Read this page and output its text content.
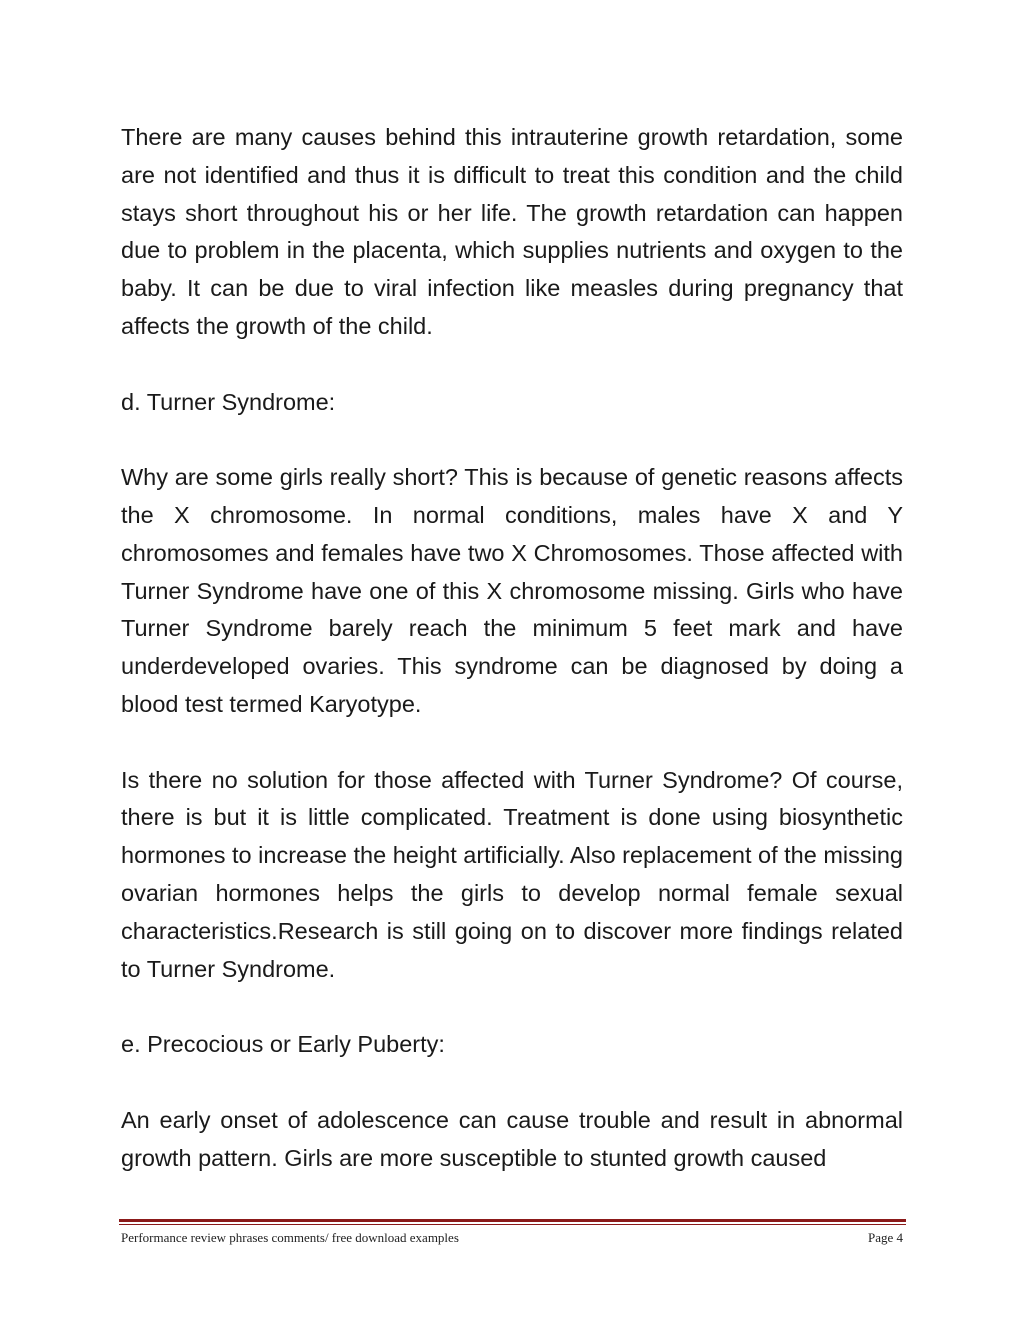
There are many causes behind this intrauterine growth retardation, some are not identified and thus it is difficult to treat this condition and the child stays short throughout his or her life. The growth retardation can happen due to problem in the placenta, which supplies nutrients and oxygen to the baby. It can be due to viral infection like measles during pregnancy that affects the growth of the child.

d. Turner Syndrome:

Why are some girls really short? This is because of genetic reasons affects the X chromosome. In normal conditions, males have X and Y chromosomes and females have two X Chromosomes. Those affected with Turner Syndrome have one of this X chromosome missing. Girls who have Turner Syndrome barely reach the minimum 5 feet mark and have underdeveloped ovaries. This syndrome can be diagnosed by doing a blood test termed Karyotype.

Is there no solution for those affected with Turner Syndrome? Of course, there is but it is little complicated. Treatment is done using biosynthetic hormones to increase the height artificially. Also replacement of the missing ovarian hormones helps the girls to develop normal female sexual characteristics.Research is still going on to discover more findings related to Turner Syndrome.

e. Precocious or Early Puberty:

An early onset of adolescence can cause trouble and result in abnormal growth pattern. Girls are more susceptible to stunted growth caused

Performance review phrases comments/ free download examples	Page 4
